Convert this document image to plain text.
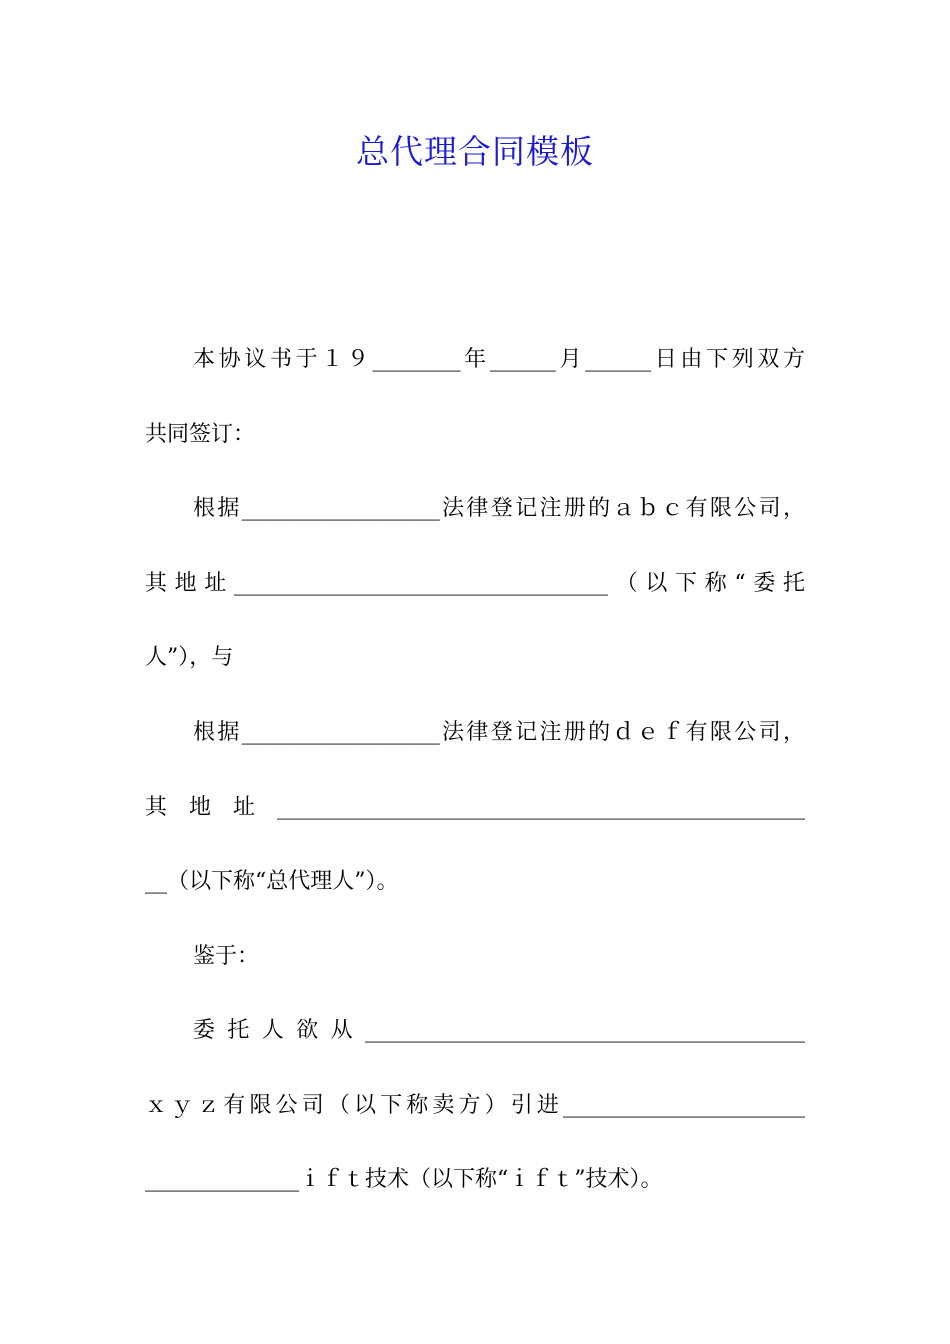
总代理合同模板
本协议书于１９________年______月______日由下列双方
共同签订：
根据__________________法律登记注册的ａｂｃ有限公司，
其地址__________________________________（以下称“委托
人”），与
根据__________________法律登记注册的ｄｅｆ有限公司，
其地址________________________________________________
__（以下称“总代理人”）。
鉴于：
委托人欲从________________________________________
ｘｙｚ有限公司（以下称卖方）引进______________________
______________ｉｆｔ技术（以下称“ｉｆｔ”技术）。
